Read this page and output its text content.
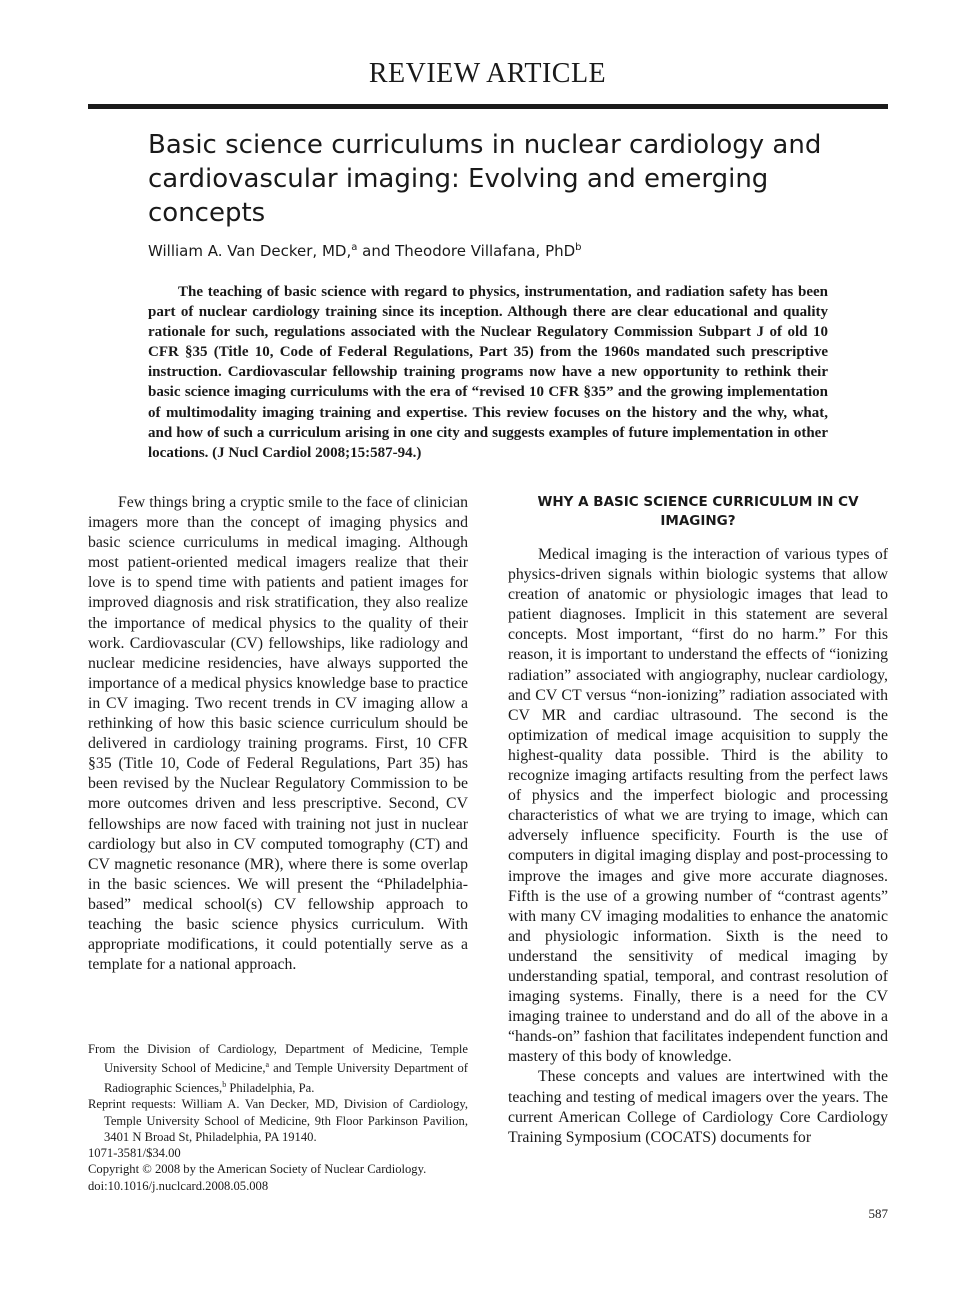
REVIEW ARTICLE
Basic science curriculums in nuclear cardiology and cardiovascular imaging: Evolving and emerging concepts
William A. Van Decker, MD,$^a$ and Theodore Villafana, PhD$^b$

The teaching of basic science with regard to physics, instrumentation, and radiation safety has been part of nuclear cardiology training since its inception. Although there are clear educational and quality rationale for such, regulations associated with the Nuclear Regulatory Commission Subpart J of old 10 CFR §35 (Title 10, Code of Federal Regulations, Part 35) from the 1960s mandated such prescriptive instruction. Cardiovascular fellowship training programs now have a new opportunity to rethink their basic science imaging curriculums with the era of “revised 10 CFR §35” and the growing implementation of multimodality imaging training and expertise. This review focuses on the history and the why, what, and how of such a curriculum arising in one city and suggests examples of future implementation in other locations. (J Nucl Cardiol 2008;15:587-94.)

Few things bring a cryptic smile to the face of clinician imagers more than the concept of imaging physics and basic science curriculums in medical imaging. Although most patient-oriented medical imagers realize that their love is to spend time with patients and patient images for improved diagnosis and risk stratification, they also realize the importance of medical physics to the quality of their work. Cardiovascular (CV) fellowships, like radiology and nuclear medicine residencies, have always supported the importance of a medical physics knowledge base to practice in CV imaging. Two recent trends in CV imaging allow a rethinking of how this basic science curriculum should be delivered in cardiology training programs. First, 10 CFR §35 (Title 10, Code of Federal Regulations, Part 35) has been revised by the Nuclear Regulatory Commission to be more outcomes driven and less prescriptive. Second, CV fellowships are now faced with training not just in nuclear cardiology but also in CV computed tomography (CT) and CV magnetic resonance (MR), where there is some overlap in the basic sciences. We will present the “Philadelphia-based” medical school(s) CV fellowship approach to teaching the basic science physics curriculum. With appropriate modifications, it could potentially serve as a template for a national approach.

WHY A BASIC SCIENCE CURRICULUM IN CV IMAGING?

Medical imaging is the interaction of various types of physics-driven signals within biologic systems that allow creation of anatomic or physiologic images that lead to patient diagnoses. Implicit in this statement are several concepts. Most important, “first do no harm.” For this reason, it is important to understand the effects of “ionizing radiation” associated with angiography, nuclear cardiology, and CV CT versus “non-ionizing” radiation associated with CV MR and cardiac ultrasound. The second is the optimization of medical image acquisition to supply the highest-quality data possible. Third is the ability to recognize imaging artifacts resulting from the perfect laws of physics and the imperfect biologic and processing characteristics of what we are trying to image, which can adversely influence specificity. Fourth is the use of computers in digital imaging display and post-processing to improve the images and give more accurate diagnoses. Fifth is the use of a growing number of “contrast agents” with many CV imaging modalities to enhance the anatomic and physiologic information. Sixth is the need to understand the sensitivity of medical imaging by understanding spatial, temporal, and contrast resolution of imaging systems. Finally, there is a need for the CV imaging trainee to understand and do all of the above in a “hands-on” fashion that facilitates independent function and mastery of this body of knowledge.

These concepts and values are intertwined with the teaching and testing of medical imagers over the years. The current American College of Cardiology Core Cardiology Training Symposium (COCATS) documents for

From the Division of Cardiology, Department of Medicine, Temple University School of Medicine,$^a$ and Temple University Department of Radiographic Sciences,$^b$ Philadelphia, Pa.

Reprint requests: William A. Van Decker, MD, Division of Cardiology, Temple University School of Medicine, 9th Floor Parkinson Pavilion, 3401 N Broad St, Philadelphia, PA 19140.

1071-3581/$34.00

Copyright © 2008 by the American Society of Nuclear Cardiology.

doi:10.1016/j.nuclcard.2008.05.008

587
